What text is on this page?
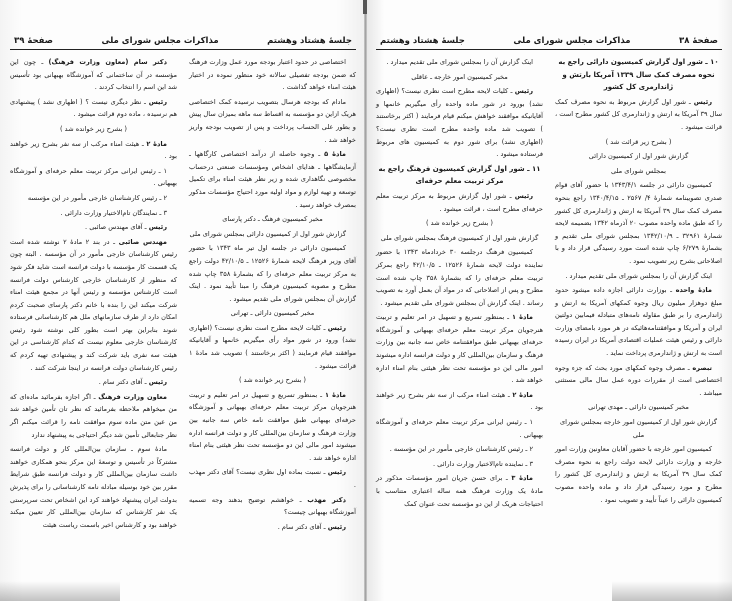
جلسهٔ هشتاد وهشتم
مذاکرات مجلس شورای ملی
صفحهٔ ۳۹

اختصاصی در حدود اعتبار بودجه مورد عمل وزارت فرهنگ که ضمن بودجه تفصیلی سالانه خود منظور نموده در اختیار هیئت امناء خواهد گذاشت .

مادام که بودجه هرسال بتصویب نرسیده کمک اختصاصی هریک ازاین دو مؤسسه به اقساط سه ماهه بمیزان سال پیش و بطور علی الحساب پرداخت و پس از تصویب بودجه واریز خواهد شد .

مادهٔ ۵ ـ وجوه حاصله از درآمد اختصاصی کارگاهها ـ آزمایشگاهها ـ هدایای اشخاص ومؤسسات صنعتی درحساب مخصوصی نگاهداری شده و زیر نظر هیئت امناء برای تکمیل توسعه و تهیه لوازم و مواد اولیه مورد احتیاج مؤسسات مذکور بمصرف خواهد رسید .

مخبر کمیسیون فرهنگ ـ دکتر پارسای

گزارش شور اول از کمیسیون دارائی بمجلس شورای ملی

کمیسیون دارائی در جلسه اول تیر ماه ۱۳۴۳ با حضور آقای وزیر فرهنگ لایحه شمارهٔ ۱۲۵۲۶ ـ ۴۲/۱۰/۵ دولت راجع به مرکز تربیت معلم حرفه‌ای را که بشمارهٔ ۳۵۸ چاپ شده مطرح و مصوبه کمیسیون فرهنگ را مبنا تأیید نمود . اینک گزارش آن بمجلس شورای ملی تقدیم میشود .

مخبر کمیسیون دارائی ـ تهرانی

رئیس ـ کلیات لایحه مطرح است نظری نیست؟ (اظهاری نشد) ورود در شور مواد رأی میگیریم خانمها و آقایانیکه موافقند قیام فرمایند ( اکثر برخاستند ) تصویب شد مادهٔ ۱ قرائت میشود .

( بشرح زیر خوانده شد )

مادهٔ ۱ ـ بمنظور تسریع و تسهیل در امر تعلیم و تربیت هنرجویان مرکز تربیت معلم حرفه‌ای بهبهانی و آموزشگاه حرفه‌ای بهبهانی طبق موافقت نامه خاص سه جانبه بین وزارت فرهنگ و سازمان بین‌المللی کار و دولت فرانسه اداره میشوند امور مالی این دو مؤسسه تحت نظر هیئتی بنام امناء اداره خواهد شد .

رئیس ـ نسبت بماده اول نظری نیست؟ آقای دکتر مهذب .

دکتر مهذب ـ خواهشم توضیح بدهند وجه تسمیه آموزشگاه بهبهانی چیست؟

رئیس ـ آقای دکتر سام .

دکتر سام (معاون وزارت فرهنگ) ـ چون این مؤسسه در آن ساختمانی که آموزشگاه بهبهانی بود تأسیس شد این اسم را انتخاب کردند .

رئیس ـ نظر دیگری نیست ؟ ( اظهاری نشد ) پیشنهادی هم نرسیده ، ماده دوم قرائت میشود .

( بشرح زیر خوانده شد )

مادهٔ ۲ ـ هیئت امناء مرکب از سه نفر بشرح زیر خواهند بود .

۱ ـ رئیس ایرانی مرکز تربیت معلم حرفه‌ای و آموزشگاه بهبهانی .

۲ ـ رئیس کارشناسان خارجی مأمور در این مؤسسه

۳ ـ نمایندگان تام‌الاختیار وزارت دارائی .

رئیس ـ آقای مهندس صائبی .

مهندس صائبی ـ در بند ۲ مادهٔ ۲ نوشته شده است رئیس کارشناسان خارجی مأمور در آن مؤسسه . البته چون یک قسمت کار مؤسسه با دولت فرانسه است شاید فکر شود که منظور از کارشناسان خارجی کارشناس دولت فرانسه است کارشناس مؤسسه و رئیس آنها در مجمع هیئت امناء شرکت میکند این را بنده با خانم دکتر پارسای صحبت کردم امکان دارد از طرف سازمانهای ملل هم کارشناسانی فرستاده شوند بنابراین بهتر است بطور کلی نوشته شود رئیس کارشناسان خارجی معلوم نیست که کدام کارشناسی در این هیئت سه نفری باید شرکت کند و پیشنهادی تهیه کردم که رئیس کارشناسان دولت فرانسه در اینجا شرکت کنند .

رئیس ـ آقای دکتر سام .

معاون وزارت فرهنگ ـ اگر اجازه بفرمائید ماده‌ای که من میخواهم ملاحظه بفرمائید که نظر تان تأمین خواهد شد من عین متن ماده سوم موافقت نامه را قرائت میکنم اگر نظر جنابعالی تأمین شد دیگر احتیاجی به پیشنهاد ندارد

مادهٔ سوم ـ سازمان بین‌المللی کار و دولت فرانسه مشترکاً در تأسیس و توسعهٔ این مرکز بنحو همکاری خواهند داشت سازمان بین‌المللی کار و دولت فرانسه طبق شرایط مقرر بین خود بوسیله مبادله نامه کارشناسانی را برای پذیرش بدولت ایران پیشنهاد خواهند کرد این اشخاص تحت سرپرستی یک نفر کارشناس که سازمان بین‌المللی کار تعیین میکند خواهند بود و کارشناس اخیر باسمت ریاست هیئت

صفحهٔ ۳۸
مذاکرات مجلس شورای ملی
جلسهٔ هشتاد وهشتم

۱۰ ـ شور اول گزارش کمیسیون دارائی راجع به نحوه مصرف کمک سال ۱۳۳۹ آمریکا بارتش و ژاندارمری کل کشور

رئیس ـ شور اول گزارش مربوط به نحوه مصرف کمک سال ۳۹ آمریکا به ارتش و ژاندارمری کل کشور مطرح است ، قرائت میشود .

( بشرح زیر قرائت شد )

گزارش شور اول از کمیسیون دارائی

بمجلس شورای ملی

کمیسیون دارائی در جلسه ۱۳۴۳/۴/۱ با حضور آقای قوام صدری تصویبنامه شمارهٔ ۴/ ۲۵۶۷ ـ ۱۳۴۰/۴/۱۵ راجع بنحوه مصرف کمک سال ۳۹ آمریکا به ارتش و ژاندارمری کل کشور را که طبق ماده واحده مصوب ۲۰ آذرماه ۱۳۴۲ بضمیمه لایحه شمارهٔ ۳۲۹۶۱ ـ ۱۳۴۲/۱۰/۹ بمجلس شورای ملی تقدیم و بشمارهٔ ۶/۲۷۹ چاپ شده است مورد رسیدگی قرار داد و با اصلاحاتی بشرح زیر تصویب نمود .

اینک گزارش آن را بمجلس شورای ملی تقدیم میدارد .

مادهٔ واحده ـ بوزارت دارائی اجازه داده میشود حدود مبلغ دوهزار میلیون ریال وجوه کمکهای آمریکا به ارتش و ژاندارمری را بر طبق مقاوله نامه‌های متبادله فیمابین دولتین ایران و آمریکا و موافقتنامه‌هائیکه در هر مورد بامضای وزارت دارائی و رئیس هیئت عملیات اقتصادی آمریکا در ایران رسیده است به ارتش و ژاندارمری پرداخت نماید .

تبصره ـ مصرف وجوه کمکهای مورد بحث که جزء وجوه اختصاصی است از مقررات دوره عمل سال مالی مستثنی میباشد .

مخبر کمیسیون دارائی ـ مهدی تهرانی

گزارش شور اول از کمیسیون امور خارجه بمجلس شورای ملی

کمیسیون امور خارجه با حضور آقایان معاونین وزارت امور خارجه و وزارت دارائی لایحه دولت راجع به نحوه مصرف کمک سال ۳۹ آمریکا به ارتش و ژاندارمری کل کشور را مطرح و مورد رسیدگی قرار داد و ماده واحده مصوب کمیسیون دارائی را عیناً تأیید و تصویب نمود .

اینک گزارش آن را بمجلس شورای ملی تقدیم میدارد .

مخبر کمیسیون امور خارجه ـ عاقلی

رئیس ـ کلیات لایحه مطرح است نظری نیست؟ (اظهاری نشد) بورود در شور ماده واحده رأی میگیریم خانمها و آقایانیکه موافقند خواهش میکنم قیام فرمایند ( اکثر برخاستند ) تصویب شد ماده واحده مطرح است نظری نیست؟ (اظهاری نشد) برای شور دوم به کمیسیون های مربوط فرستاده میشود .

۱۱ ـ شور اول گزارش کمیسیون فرهنگ راجع به مرکز تربیت معلم حرفه‌ای

رئیس ـ شور اول گزارش مربوط به مرکز تربیت معلم حرفه‌ای مطرح است ، قرائت میشود .

( بشرح زیر خوانده شد )

گزارش شور اول از کمیسیون فرهنگ بمجلس شورای ملی

کمیسیون فرهنگ درجلسه ۳۰ خردادماه ۱۳۴۳ با حضور نماینده دولت لایحه شمارهٔ ۱۲۵۲۶ ـ ۴۲/۱۰/۵ راجع بمرکز تربیت معلم حرفه‌ای را که بشمارهٔ ۳۵۸ چاپ شده است مطرح و پس از اصلاحاتی که در مواد آن بعمل آورد به تصویب رساند . اینک گزارش آن بمجلس شورای ملی تقدیم میشود .

مادهٔ ۱ ـ بمنظور تسریع و تسهیل در امر تعلیم و تربیت هنرجویان مرکز تربیت معلم حرفه‌ای بهبهانی و آموزشگاه حرفه‌ای بهبهانی طبق موافقتنامه خاص سه جانبه بین وزارت فرهنگ و سازمان بین‌المللی کار و دولت فرانسه اداره میشوند امور مالی این دو مؤسسه تحت نظر هیئتی بنام امناء اداره خواهد شد .

مادهٔ ۲ ـ هیئت امناء مرکب از سه نفر بشرح زیر خواهند بود .

۱ ـ رئیس ایرانی مرکز تربیت معلم حرفه‌ای و آموزشگاه بهبهانی .

۲ ـ رئیس کارشناسان خارجی مأمور در این مؤسسه .

۳ ـ نماینده تام‌الاختیار وزارت دارائی .

مادهٔ ۳ ـ برای حسن جریان امور مؤسسات مذکور در مادهٔ یک وزارت فرهنگ همه ساله اعتباری متناسب با احتیاجات هریک از این دو مؤسسه تحت عنوان کمک
